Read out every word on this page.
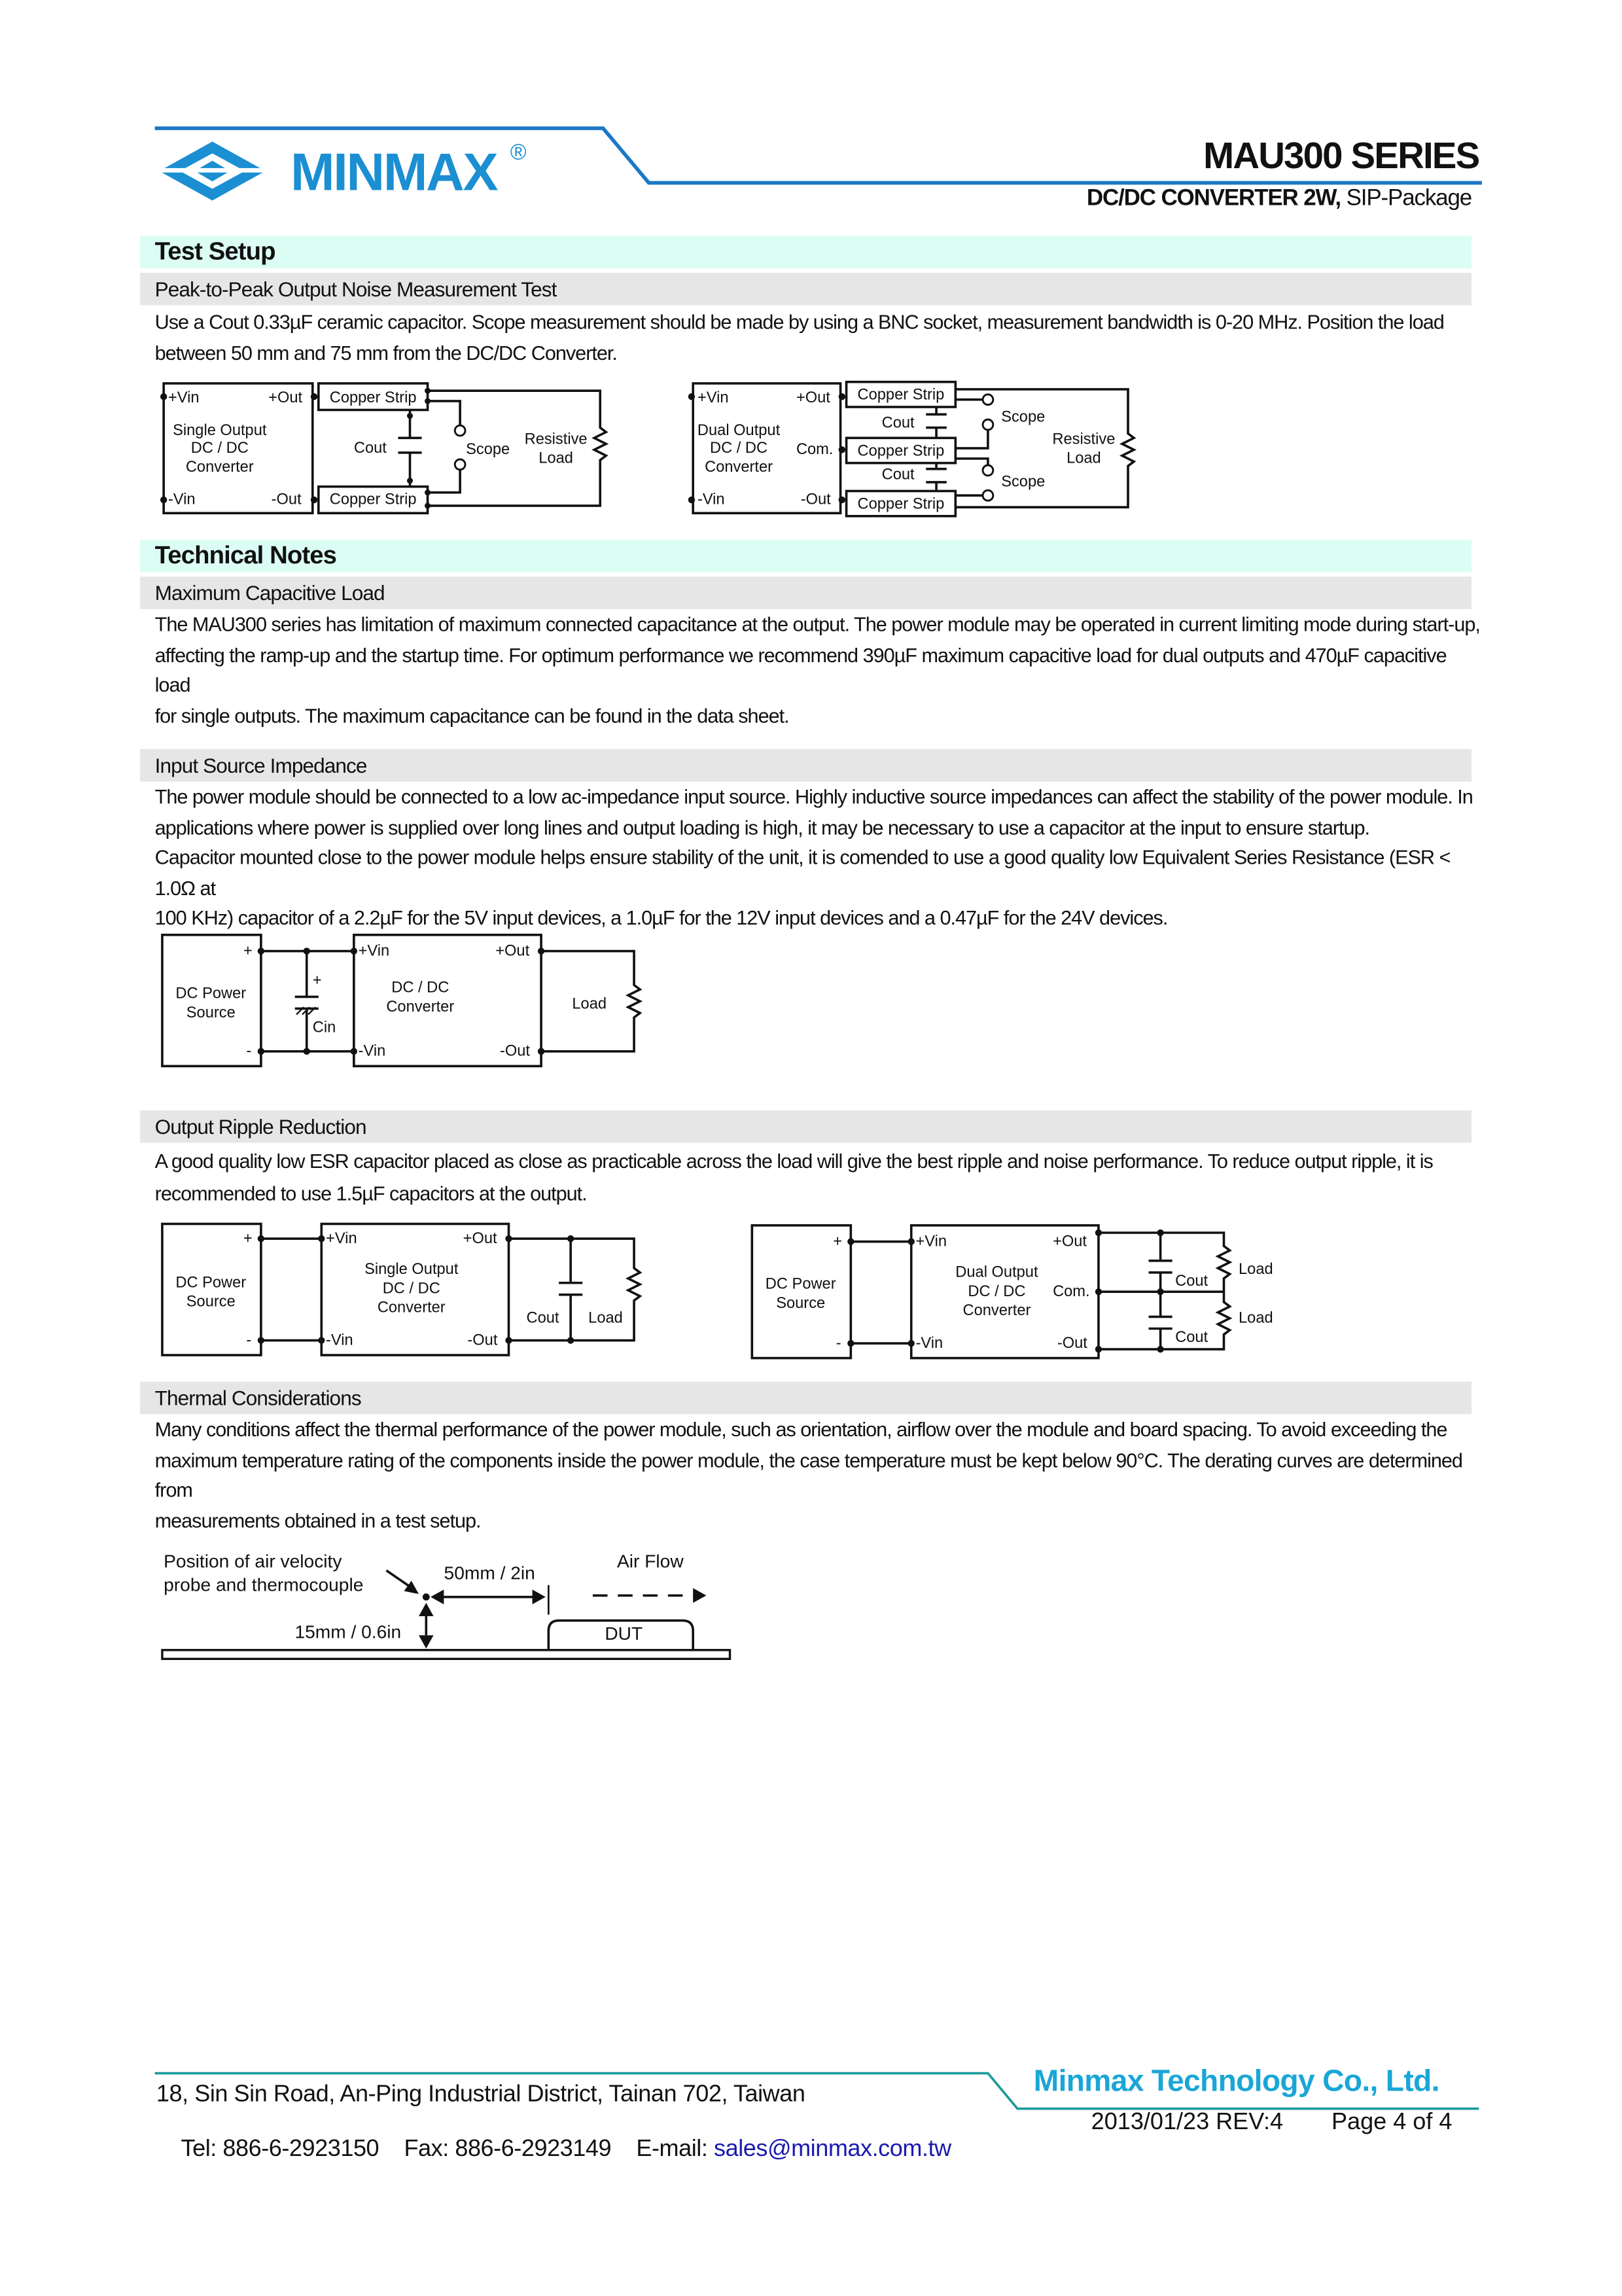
MINMAX ®
+Vin	+Out
-Vin	-Out
Single Output
DC / DC
Converter
Copper Strip
Copper Strip
Cout	Scope
Resistive
Load
+Vin	+Out
-Vin	-Out
Com.
Dual Output
DC / DC
Converter
Copper Strip
Copper Strip
Copper Strip
Cout
Cout
Scope
Scope
Resistive
Load
+
-
DC Power
Source
+
Cin
+Vin	+Out
-Vin	-Out
DC / DC
Converter	Load
+
-
DC Power
Source
+Vin	+Out
-Vin	-Out
Single Output
DC / DC
Converter
Cout	Load
+
-
DC Power
Source
+Vin	+Out
-Vin	-Out
Com.
Dual Output
DC / DC
Converter
Cout
Cout
Load
Load
Position of air velocity
probe and thermocouple
50mm / 2in
Air Flow
15mm / 0.6in	DUT
MAU300 SERIES
DC/DC CONVERTER 2W, SIP-Package
Test Setup
Peak-to-Peak Output Noise Measurement Test

Use a Cout 0.33µF ceramic capacitor. Scope measurement should be made by using a BNC socket, measurement bandwidth is 0-20 MHz. Position the load
between 50 mm and 75 mm from the DC/DC Converter.

Technical Notes
Maximum Capacitive Load

The MAU300 series has limitation of maximum connected capacitance at the output. The power module may be operated in current limiting mode during start-up,
affecting the ramp-up and the startup time. For optimum performance we recommend 390µF maximum capacitive load for dual outputs and 470µF capacitive load
for single outputs. The maximum capacitance can be found in the data sheet.

Input Source Impedance

The power module should be connected to a low ac-impedance input source. Highly inductive source impedances can affect the stability of the power module. In
applications where power is supplied over long lines and output loading is high, it may be necessary to use a capacitor at the input to ensure startup.
Capacitor mounted close to the power module helps ensure stability of the unit, it is comended to use a good quality low Equivalent Series Resistance (ESR < 1.0Ω at
100 KHz) capacitor of a 2.2µF for the 5V input devices, a 1.0µF for the 12V input devices and a 0.47µF for the 24V devices.

Output Ripple Reduction

A good quality low ESR capacitor placed as close as practicable across the load will give the best ripple and noise performance. To reduce output ripple, it is
recommended to use 1.5µF capacitors at the output.

Thermal Considerations

Many conditions affect the thermal performance of the power module, such as orientation, airflow over the module and board spacing. To avoid exceeding the
maximum temperature rating of the components inside the power module, the case temperature must be kept below 90°C. The derating curves are determined from
measurements obtained in a test setup.

Minmax Technology Co., Ltd.
18, Sin Sin Road, An-Ping Industrial District, Tainan 702, Taiwan

Tel: 886-6-2923150 Fax: 886-6-2923149 E-mail: sales@minmax.com.tw

2013/01/23 REV:4	Page 4 of 4
